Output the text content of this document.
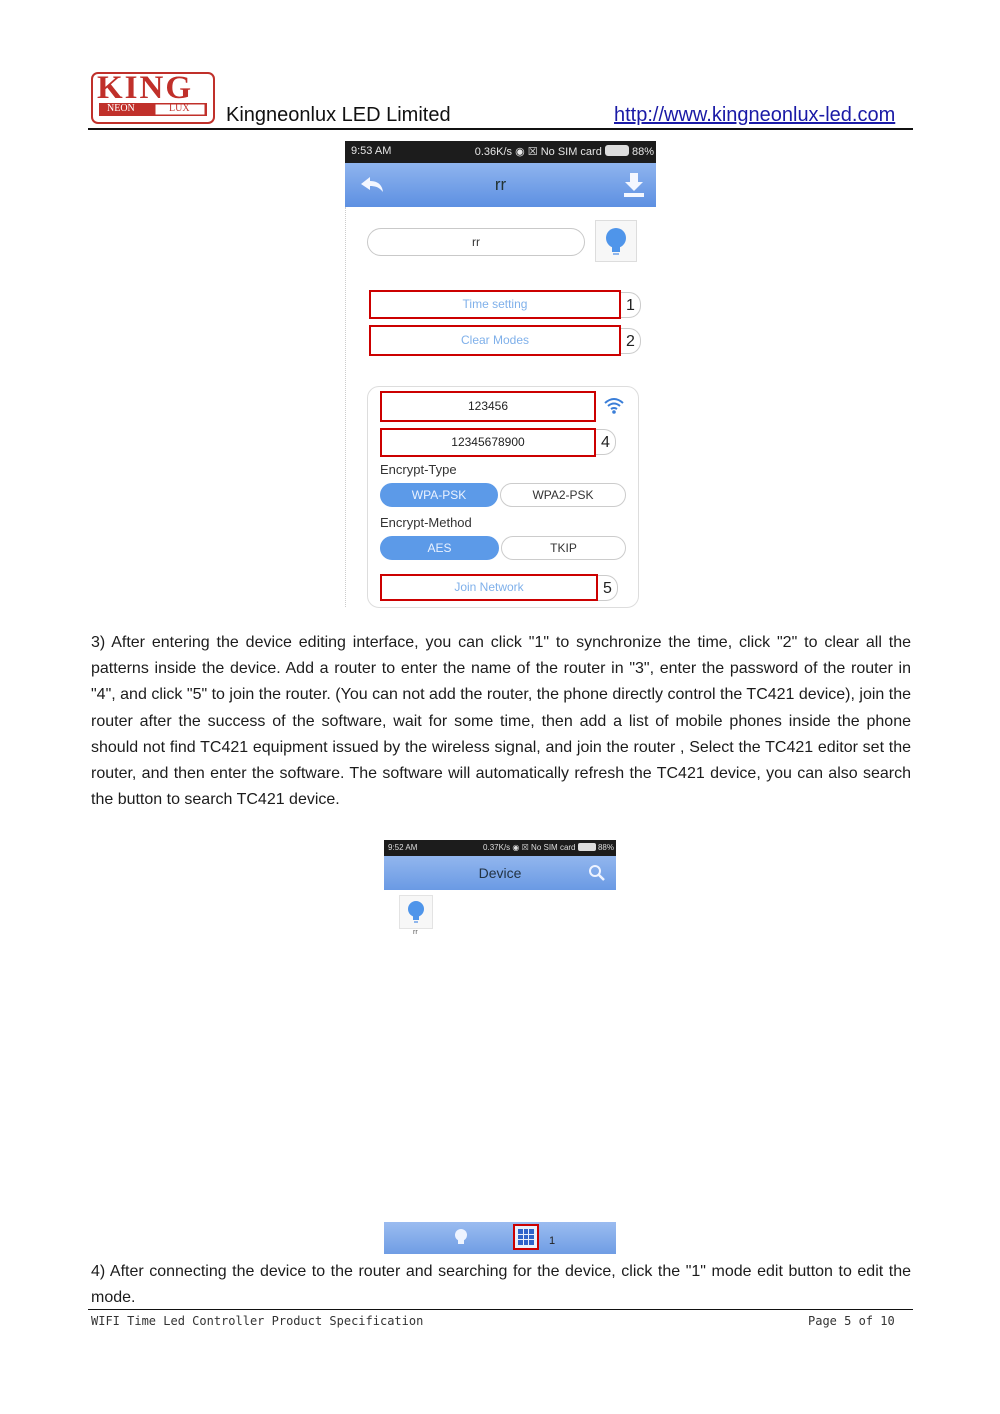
KING
NEON	LUX Kingneonlux LED Limited	http://www.kingneonlux-led.com
9:53 AM	0.36K/s ◉ ☒ No SIM card	88%
rr
rr
Time setting	1
Clear Modes	2
123456
12345678900	4
Encrypt-Type
WPA-PSK	WPA2-PSK
Encrypt-Method
AES	TKIP
Join Network	5
3) After entering the device editing interface, you can click "1" to synchronize the time, click "2" to clear all the patterns inside the device. Add a router to enter the name of the router in "3", enter the password of the router in "4", and click "5" to join the router. (You can not add the router, the phone directly control the TC421 device), join the router after the success of the software, wait for some time, then add a list of mobile phones inside the phone should not find TC421 equipment issued by the wireless signal, and join the router , Select the TC421 editor set the router, and then enter the software. The software will automatically refresh the TC421 device, you can also search the button to search TC421 device.
9:52 AM	0.37K/s ◉ ☒ No SIM card	88%
Device
rr
1
4) After connecting the device to the router and searching for the device, click the "1" mode edit button to edit the mode.
WIFI Time Led Controller Product Specification	Page 5 of 10
